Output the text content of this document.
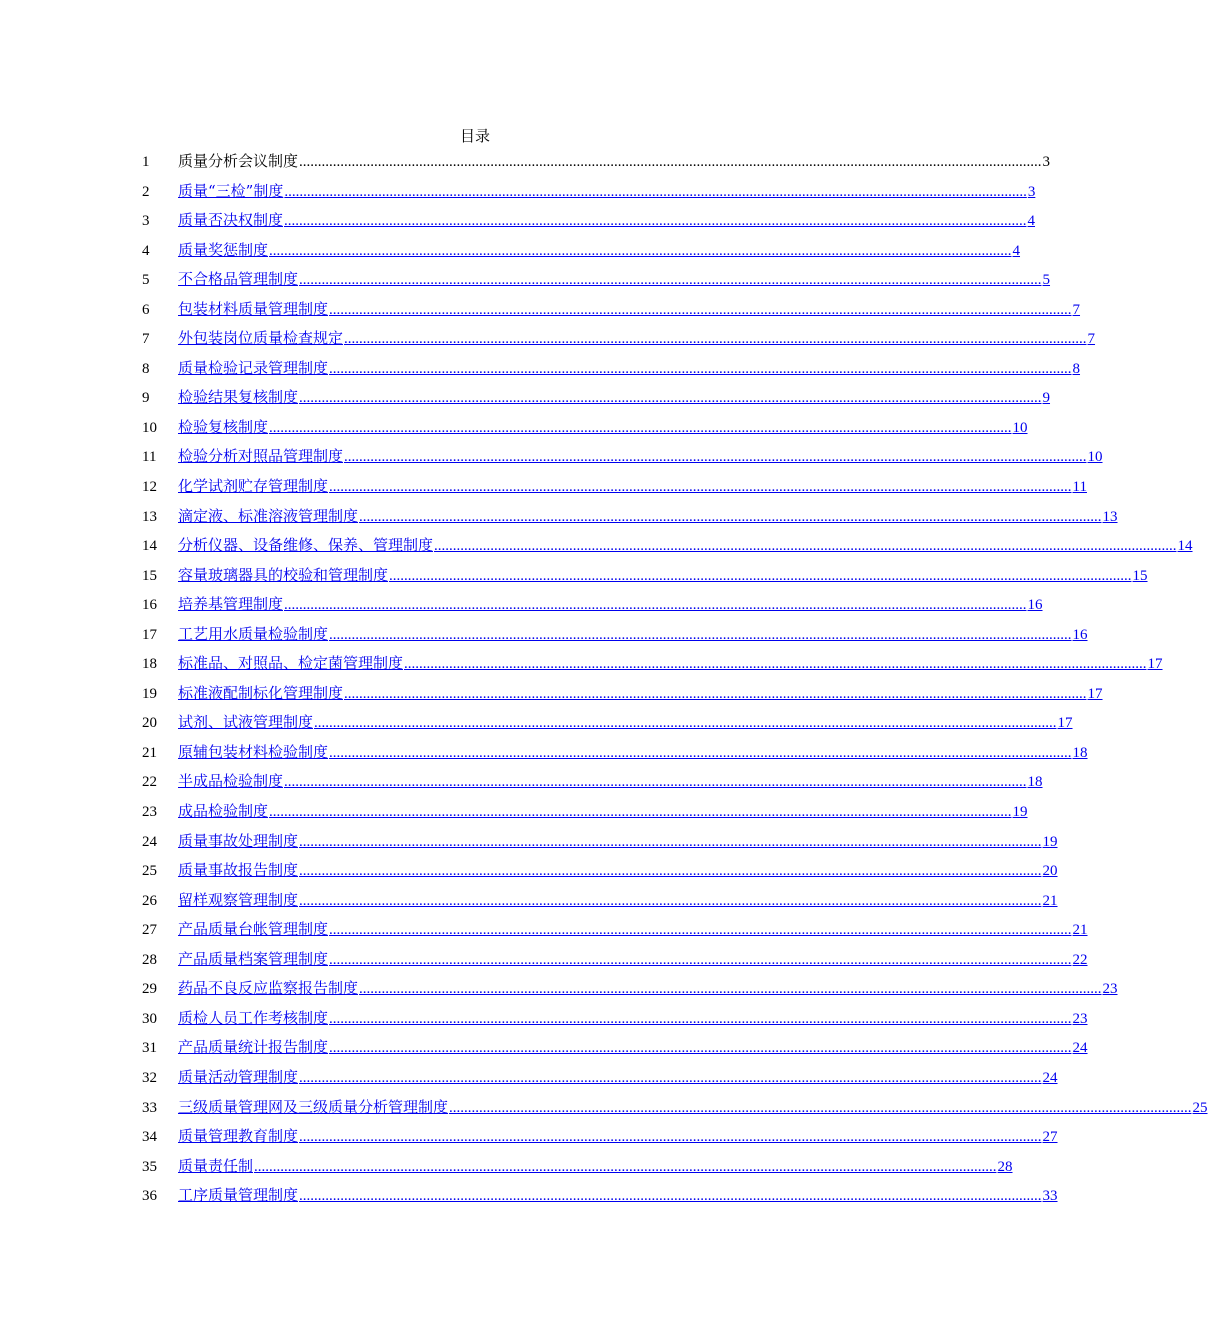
目录
1	质量分析会议制度 ...................................................................................................................................................................................................... 3
2	质量“三检”制度 ...................................................................................................................................................................................................... 3
3	质量否决权制度 ...................................................................................................................................................................................................... 4
4	质量奖惩制度 ...................................................................................................................................................................................................... 4
5	不合格品管理制度 ...................................................................................................................................................................................................... 5
6	包装材料质量管理制度 ...................................................................................................................................................................................................... 7
7	外包装岗位质量检查规定 ...................................................................................................................................................................................................... 7
8	质量检验记录管理制度 ...................................................................................................................................................................................................... 8
9	检验结果复核制度 ...................................................................................................................................................................................................... 9
10	检验复核制度 ...................................................................................................................................................................................................... 10
11	检验分析对照品管理制度 ...................................................................................................................................................................................................... 10
12	化学试剂贮存管理制度 ...................................................................................................................................................................................................... 11
13	滴定液、标准溶液管理制度 ...................................................................................................................................................................................................... 13
14	分析仪器、设备维修、保养、管理制度 ...................................................................................................................................................................................................... 14
15	容量玻璃器具的校验和管理制度 ...................................................................................................................................................................................................... 15
16	培养基管理制度 ...................................................................................................................................................................................................... 16
17	工艺用水质量检验制度 ...................................................................................................................................................................................................... 16
18	标准品、对照品、检定菌管理制度 ...................................................................................................................................................................................................... 17
19	标准液配制标化管理制度 ...................................................................................................................................................................................................... 17
20	试剂、试液管理制度 ...................................................................................................................................................................................................... 17
21	原辅包装材料检验制度 ...................................................................................................................................................................................................... 18
22	半成品检验制度 ...................................................................................................................................................................................................... 18
23	成品检验制度 ...................................................................................................................................................................................................... 19
24	质量事故处理制度 ...................................................................................................................................................................................................... 19
25	质量事故报告制度 ...................................................................................................................................................................................................... 20
26	留样观察管理制度 ...................................................................................................................................................................................................... 21
27	产品质量台帐管理制度 ...................................................................................................................................................................................................... 21
28	产品质量档案管理制度 ...................................................................................................................................................................................................... 22
29	药品不良反应监察报告制度 ...................................................................................................................................................................................................... 23
30	质检人员工作考核制度 ...................................................................................................................................................................................................... 23
31	产品质量统计报告制度 ...................................................................................................................................................................................................... 24
32	质量活动管理制度 ...................................................................................................................................................................................................... 24
33	三级质量管理网及三级质量分析管理制度 ...................................................................................................................................................................................................... 25
34	质量管理教育制度 ...................................................................................................................................................................................................... 27
35	质量责任制 ...................................................................................................................................................................................................... 28
36	工序质量管理制度 ...................................................................................................................................................................................................... 33
